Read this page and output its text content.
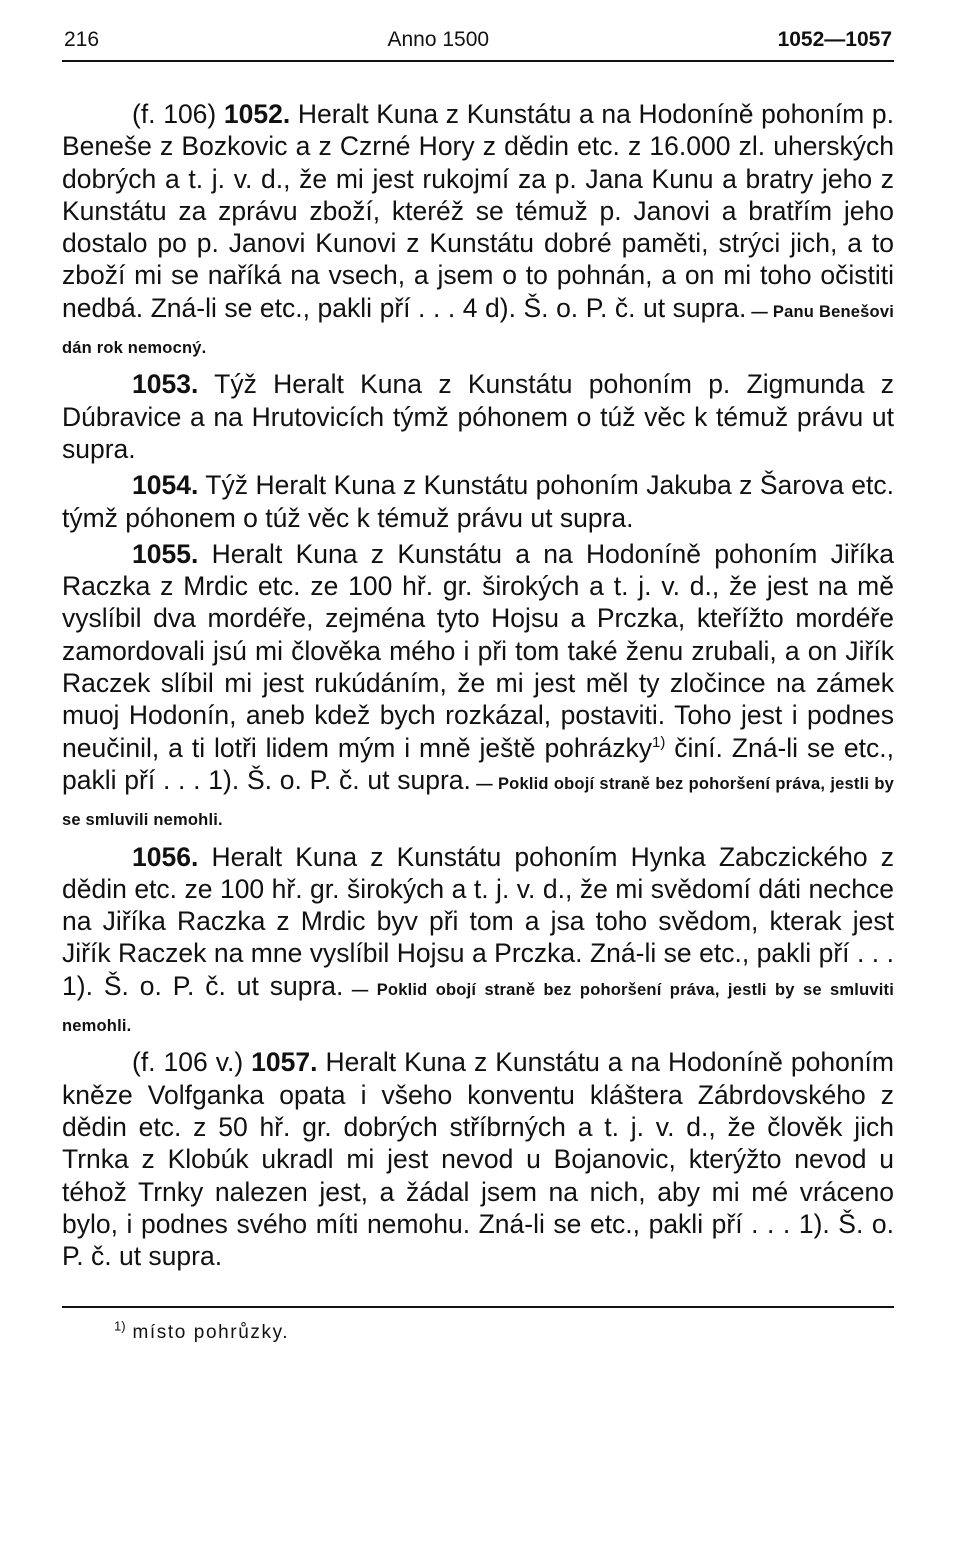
216	Anno 1500	1052—1057

(f. 106) 1052. Heralt Kuna z Kunstátu a na Hodoníně pohoním p. Beneše z Bozkovic a z Czrné Hory z dědin etc. z 16.000 zl. uherských dobrých a t. j. v. d., že mi jest rukojmí za p. Jana Kunu a bratry jeho z Kunstátu za zprávu zboží, kteréž se témuž p. Janovi a bratřím jeho dostalo po p. Janovi Kunovi z Kunstátu dobré paměti, strýci jich, a to zboží mi se naříká na vsech, a jsem o to pohnán, a on mi toho očistiti nedbá. Zná-li se etc., pakli pří . . . 4 d). Š. o. P. č. ut supra. — Panu Benešovi dán rok nemocný.

1053. Týž Heralt Kuna z Kunstátu pohoním p. Zigmunda z Dúbravice a na Hrutovicích týmž póhonem o túž věc k témuž právu ut supra.

1054. Týž Heralt Kuna z Kunstátu pohoním Jakuba z Šarova etc. týmž póhonem o túž věc k témuž právu ut supra.

1055. Heralt Kuna z Kunstátu a na Hodoníně pohoním Jiříka Raczka z Mrdic etc. ze 100 hř. gr. širokých a t. j. v. d., že jest na mě vyslíbil dva mordéře, zejména tyto Hojsu a Prczka, kteřížto mordéře zamordovali jsú mi člověka mého i při tom také ženu zrubali, a on Jiřík Raczek slíbil mi jest rukúdáním, že mi jest měl ty zločince na zámek muoj Hodonín, aneb kdež bych rozkázal, postaviti. Toho jest i podnes neučinil, a ti lotři lidem mým i mně ještě pohrázky$^{1)}$ činí. Zná-li se etc., pakli pří . . . 1). Š. o. P. č. ut supra. — Poklid obojí straně bez pohoršení práva, jestli by se smluvili nemohli.

1056. Heralt Kuna z Kunstátu pohoním Hynka Zabczického z dědin etc. ze 100 hř. gr. širokých a t. j. v. d., že mi svědomí dáti nechce na Jiříka Raczka z Mrdic byv při tom a jsa toho svědom, kterak jest Jiřík Raczek na mne vyslíbil Hojsu a Prczka. Zná-li se etc., pakli pří . . . 1). Š. o. P. č. ut supra. — Poklid obojí straně bez pohoršení práva, jestli by se smluviti nemohli.

(f. 106 v.) 1057. Heralt Kuna z Kunstátu a na Hodoníně pohoním kněze Volfganka opata i všeho konventu kláštera Zábrdovského z dědin etc. z 50 hř. gr. dobrých stříbrných a t. j. v. d., že člověk jich Trnka z Klobúk ukradl mi jest nevod u Bojanovic, kterýžto nevod u téhož Trnky nalezen jest, a žádal jsem na nich, aby mi mé vráceno bylo, i podnes svého míti nemohu. Zná-li se etc., pakli pří . . . 1). Š. o. P. č. ut supra.

$^{1)}$ místo pohrůzky.
